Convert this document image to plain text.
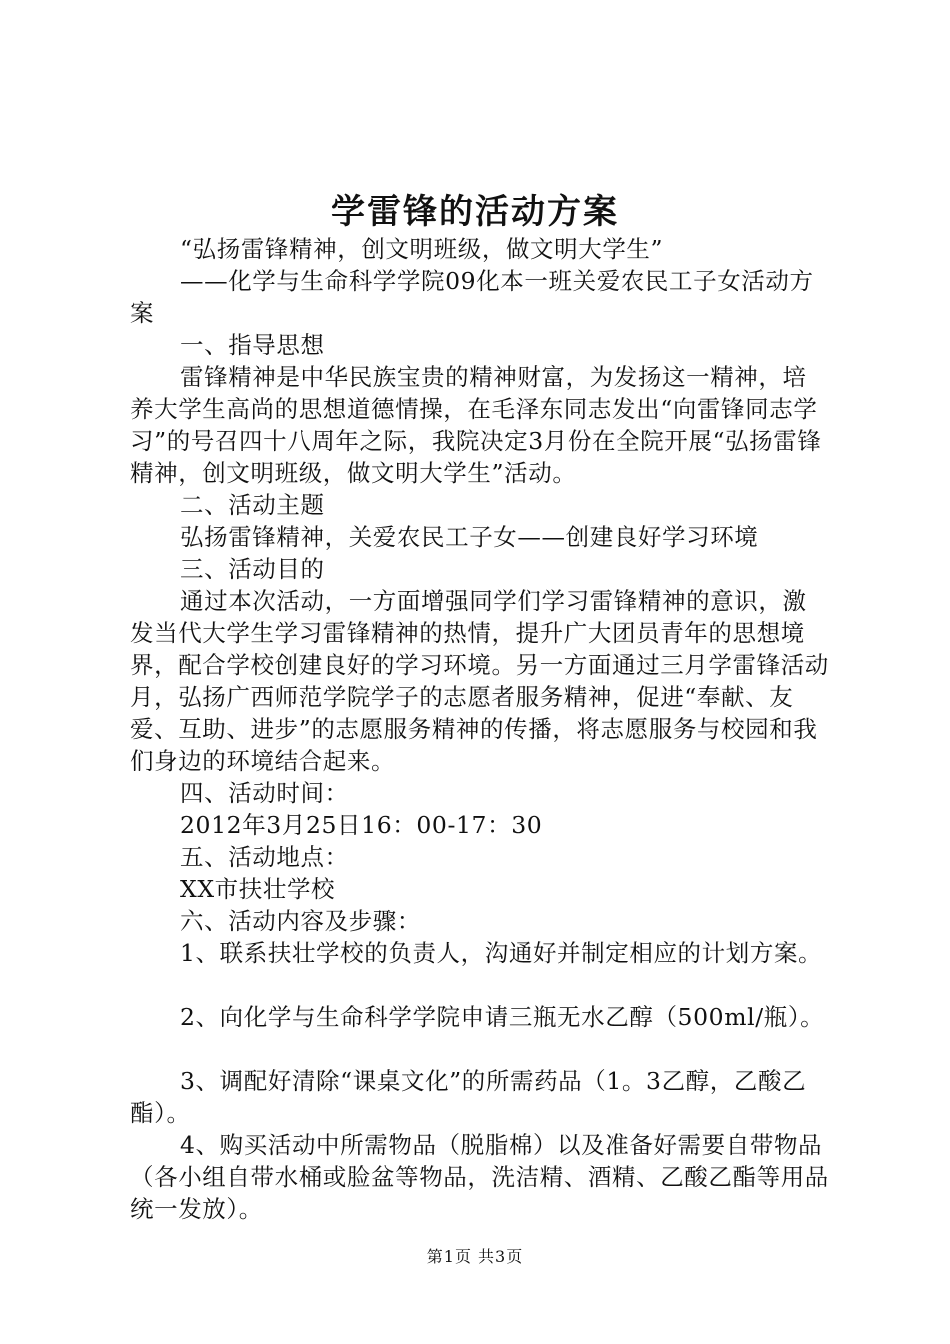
学雷锋的活动方案

“弘扬雷锋精神，创文明班级，做文明大学生”

——化学与生命科学学院09化本一班关爱农民工子女活动方案

一、指导思想

雷锋精神是中华民族宝贵的精神财富，为发扬这一精神，培养大学生高尚的思想道德情操，在毛泽东同志发出“向雷锋同志学习”的号召四十八周年之际，我院决定3月份在全院开展“弘扬雷锋精神，创文明班级，做文明大学生”活动。

二、活动主题

弘扬雷锋精神，关爱农民工子女——创建良好学习环境

三、活动目的

通过本次活动，一方面增强同学们学习雷锋精神的意识，激发当代大学生学习雷锋精神的热情，提升广大团员青年的思想境界，配合学校创建良好的学习环境。另一方面通过三月学雷锋活动月，弘扬广西师范学院学子的志愿者服务精神，促进“奉献、友爱、互助、进步”的志愿服务精神的传播，将志愿服务与校园和我们身边的环境结合起来。

四、活动时间：

2012年3月25日16：00-17：30

五、活动地点：

XX市扶壮学校

六、活动内容及步骤：

1、联系扶壮学校的负责人，沟通好并制定相应的计划方案。

2、向化学与生命科学学院申请三瓶无水乙醇（500ml/瓶）。

3、调配好清除“课桌文化”的所需药品（1。3乙醇，乙酸乙酯）。

4、购买活动中所需物品（脱脂棉）以及准备好需要自带物品（各小组自带水桶或脸盆等物品，洗洁精、酒精、乙酸乙酯等用品统一发放）。

第1页 共3页
